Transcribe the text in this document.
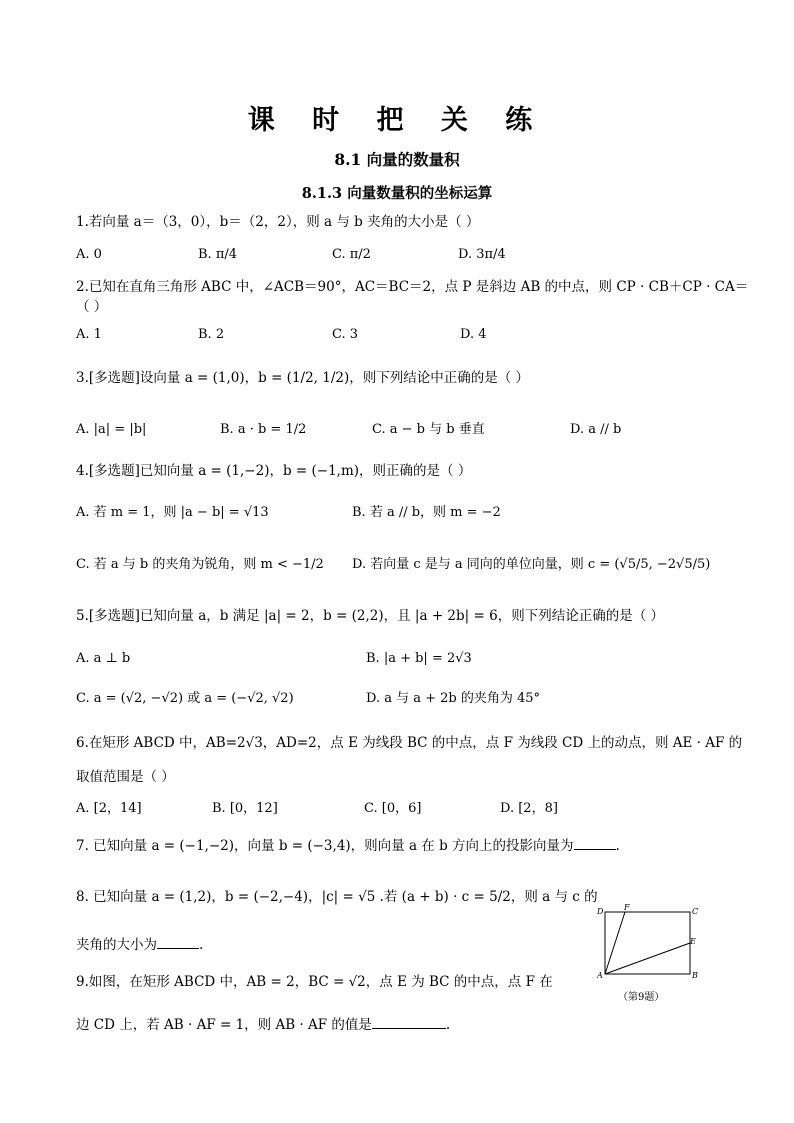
课 时 把 关 练
8.1 向量的数量积
8.1.3 向量数量积的坐标运算
1.若向量 a＝（3，0），b＝（2，2），则 a 与 b 夹角的大小是（ ）
A. 0	B. π/4	C. π/2	D. 3π/4
2.已知在直角三角形 ABC 中，∠ACB＝90°，AC＝BC＝2，点 P 是斜边 AB 的中点，则 CP · CB＋CP · CA＝
（ ）
A. 1	B. 2	C. 3	D. 4
3.[多选题]设向量 a = (1,0)，b = (1/2, 1/2)，则下列结论中正确的是（ ）
A. |a| = |b|	B. a · b = 1/2	C. a − b 与 b 垂直	D. a // b
4.[多选题]已知向量 a = (1,−2)，b = (−1,m)，则正确的是（ ）
A. 若 m = 1，则 |a − b| = √13	B. 若 a // b，则 m = −2
C. 若 a 与 b 的夹角为锐角，则 m < −1/2 D. 若向量 c 是与 a 同向的单位向量，则 c = (√5/5, −2√5/5)
5.[多选题]已知向量 a，b 满足 |a| = 2，b = (2,2)，且 |a + 2b| = 6，则下列结论正确的是（ ）
A. a ⊥ b	B. |a + b| = 2√3
C. a = (√2, −√2) 或 a = (−√2, √2)	D. a 与 a + 2b 的夹角为 45°
6.在矩形 ABCD 中，AB=2√3，AD=2，点 E 为线段 BC 的中点，点 F 为线段 CD 上的动点，则 AE · AF 的
取值范围是（ ）
A. [2，14]	B. [0，12]	C. [0，6]	D. [2，8]
7. 已知向量 a = (−1,−2)，向量 b = (−3,4)，则向量 a 在 b 方向上的投影向量为	.
8. 已知向量 a = (1,2)，b = (−2,−4)，|c| = √5 .若 (a + b) · c = 5/2，则 a 与 c 的
夹角的大小为	.
9.如图，在矩形 ABCD 中，AB = 2，BC = √2，点 E 为 BC 的中点，点 F 在
边 CD 上，若 AB · AF = 1，则 AB · AF 的值是	.
D	F	C
E
A	B
（第9题）
